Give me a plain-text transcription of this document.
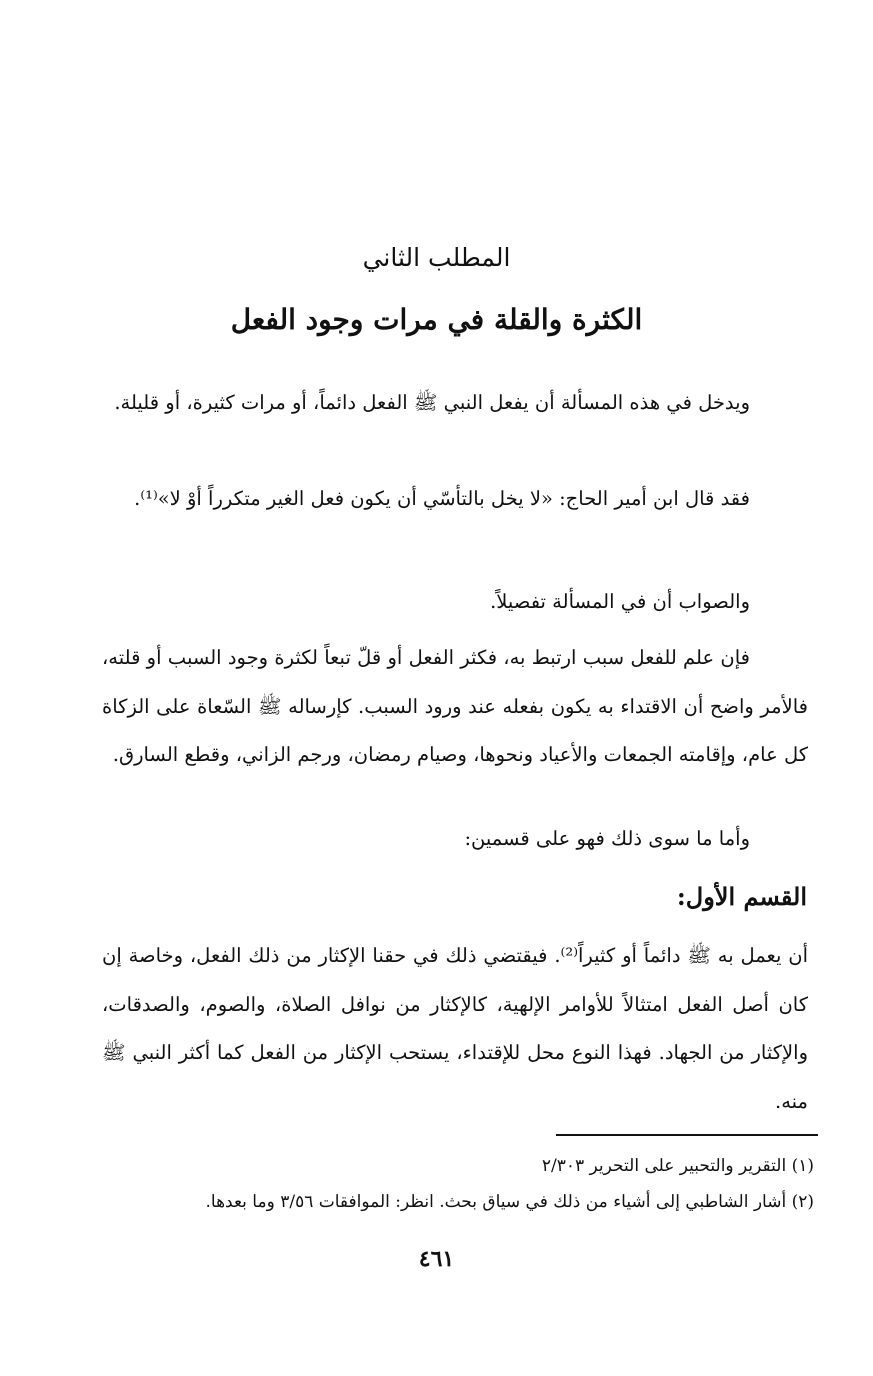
المطلب الثاني
الكثرة والقلة في مرات وجود الفعل

ويدخل في هذه المسألة أن يفعل النبي ﷺ الفعل دائماً، أو مرات كثيرة، أو قليلة.

فقد قال ابن أمير الحاج: «لا يخل بالتأسّي أن يكون فعل الغير متكرراً أوْ لا»⁽¹⁾.

والصواب أن في المسألة تفصيلاً.

فإن علم للفعل سبب ارتبط به، فكثر الفعل أو قلّ تبعاً لكثرة وجود السبب أو قلته، فالأمر واضح أن الاقتداء به يكون بفعله عند ورود السبب. كإرساله ﷺ السّعاة على الزكاة كل عام، وإقامته الجمعات والأعياد ونحوها، وصيام رمضان، ورجم الزاني، وقطع السارق.

وأما ما سوى ذلك فهو على قسمين:

القسم الأول:

أن يعمل به ﷺ دائماً أو كثيراً⁽²⁾. فيقتضي ذلك في حقنا الإكثار من ذلك الفعل، وخاصة إن كان أصل الفعل امتثالاً للأوامر الإلهية، كالإكثار من نوافل الصلاة، والصوم، والصدقات، والإكثار من الجهاد. فهذا النوع محل للإقتداء، يستحب الإكثار من الفعل كما أكثر النبي ﷺ منه.

(١) التقرير والتحبير على التحرير ٢/٣٠٣

(٢) أشار الشاطبي إلى أشياء من ذلك في سياق بحث. انظر: الموافقات ٣/٥٦ وما بعدها.

٤٦١
